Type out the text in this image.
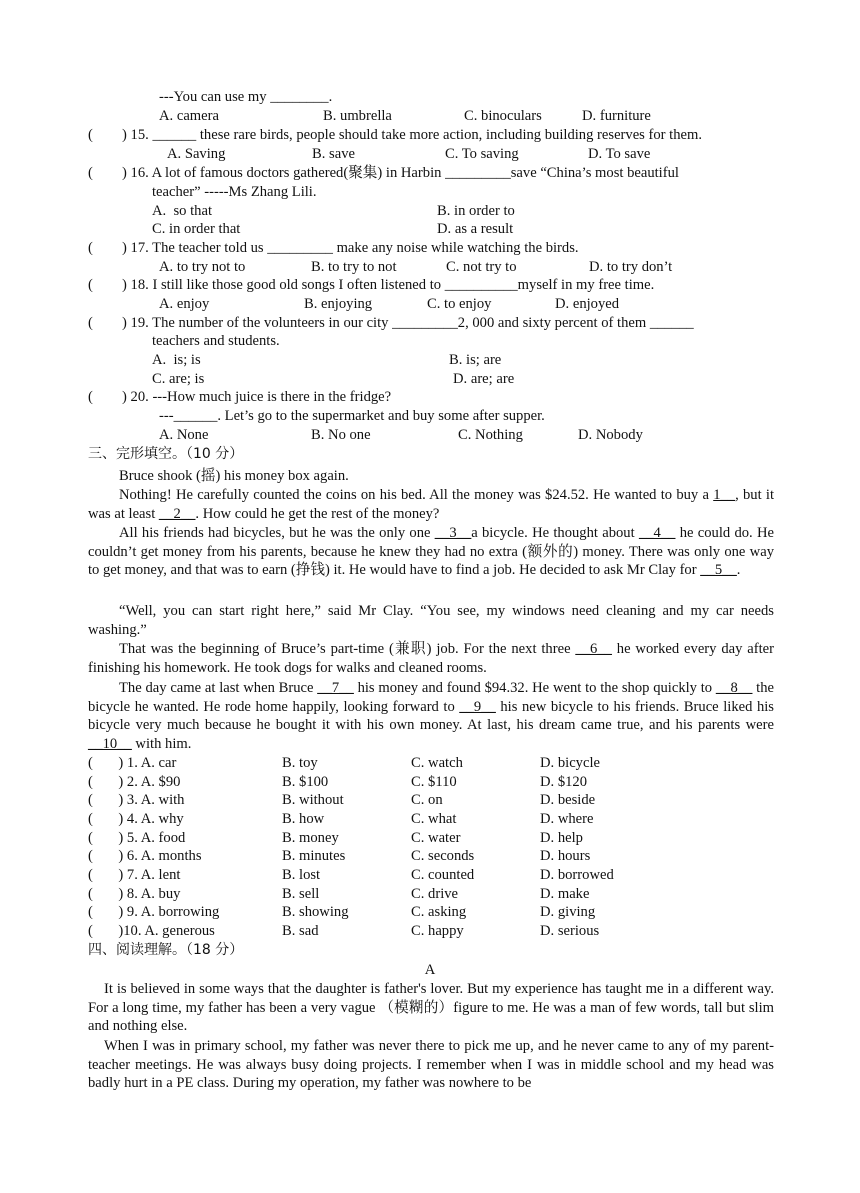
---You can use my ________.
A. camera	B. umbrella	C. binoculars	D. furniture
(        ) 15. ______ these rare birds, people should take more action, including building reserves for them.
A. Saving	B. save	C. To saving	D. To save
(        ) 16. A lot of famous doctors gathered(聚集) in Harbin _________save “China’s most beautiful
teacher” -----Ms Zhang Lili.
A.  so that	B. in order to
C. in order that	D. as a result
(        ) 17. The teacher told us _________ make any noise while watching the birds.
A. to try not to	B. to try to not	C. not try to	D. to try don’t
(        ) 18. I still like those good old songs I often listened to __________myself in my free time.
A. enjoy	B. enjoying	C. to enjoy	D. enjoyed
(        ) 19. The number of the volunteers in our city _________2, 000 and sixty percent of them ______
teachers and students.
A.  is; is	B. is; are
C. are; is	D. are; are
(        ) 20. ---How much juice is there in the fridge?
---______. Let’s go to the supermarket and buy some after supper.
A. None	B. No one	C. Nothing	D. Nobody
三、完形填空。（10 分）
Bruce shook (摇) his money box again.
Nothing! He carefully counted the coins on his bed. All the money was $24.52. He wanted to buy a 1__, but it was at least __2__. How could he get the rest of the money?
All his friends had bicycles, but he was the only one __3__a bicycle. He thought about __4__ he could do. He couldn’t get money from his parents, because he knew they had no extra (额外的) money. There was only one way to get money, and that was to earn (挣钱) it. He would have to find a job. He decided to ask Mr Clay for __5__.
“Well, you can start right here,” said Mr Clay. “You see, my windows need cleaning and my car needs washing.”
That was the beginning of Bruce’s part-time (兼职) job. For the next three __6__ he worked every day after finishing his homework. He took dogs for walks and cleaned rooms.
The day came at last when Bruce __7__ his money and found $94.32. He went to the shop quickly to __8__ the bicycle he wanted. He rode home happily, looking forward to __9__ his new bicycle to his friends. Bruce liked his bicycle very much because he bought it with his own money. At last, his dream came true, and his parents were __10__ with him.
(       ) 1. A. car	B. toy	C. watch	D. bicycle
(       ) 2. A. $90	B. $100	C. $110	D. $120
(       ) 3. A. with	B. without	C. on	D. beside
(       ) 4. A. why	B. how	C. what	D. where
(       ) 5. A. food	B. money	C. water	D. help
(       ) 6. A. months	B. minutes	C. seconds	D. hours
(       ) 7. A. lent	B. lost	C. counted	D. borrowed
(       ) 8. A. buy	B. sell	C. drive	D. make
(       ) 9. A. borrowing	B. showing	C. asking	D. giving
(       )10. A. generous	B. sad	C. happy	D. serious
四、阅读理解。（18 分）
A
It is believed in some ways that the daughter is father's lover. But my experience has taught me in a different way. For a long time, my father has been a very vague （模糊的）figure to me. He was a man of few words, tall but slim and nothing else.
When I was in primary school, my father was never there to pick me up, and he never came to any of my parent-teacher meetings. He was always busy doing projects. I remember when I was in middle school and my head was badly hurt in a PE class. During my operation, my father was nowhere to be
